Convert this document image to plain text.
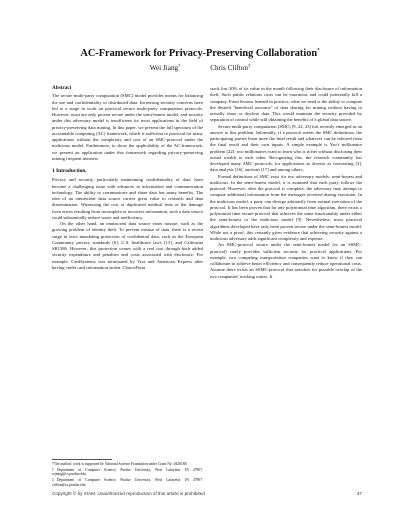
AC-Framework for Privacy-Preserving Collaboration*
Wei Jiang†	Chris Clifton‡
Abstract

The secure multi-party computation (SMC) model provides means for balancing the use and confidentiality of distributed data. Increasing security concerns have led to a surge in work on practical secure multi-party computation protocols. However, most are only proven secure under the semi-honest model, and security under this adversary model is insufficient for most applications in the field of privacy-preserving data mining. In this paper, we present the full spectrum of the accountable computing (AC) framework, which is sufficient or practical for many applications without the complexity and cost of an SMC-protocol under the malicious model. Furthermore, to show the applicability of the AC-framework, we present an application under this framework regarding privacy-preserving mining frequent itemsets.

1 Introduction.

Privacy and security, particularly maintaining confidentiality of data, have become a challenging issue with advances in information and communication technology. The ability to communicate and share data has many benefits. The idea of an omniscient data source carries great value to research and data dissemination. Witnessing the cost of duplicated medical tests or the damage from errors resulting from incomplete or incorrect information, such a data source could substantially reduce waste and inefficiency.

On the other hand, an omniscient data source eases misuse, such as the growing problem of identity theft. To prevent misuse of data, there is a recent surge in laws mandating protection of confidential data, such as the European Community privacy standards [6], U.S. healthcare laws [13], and California SB1386. However, this protection comes with a real cost through both added security expenditure and penalties and costs associated with disclosure. For example, CardSystems was terminated by Visa and American Express after having credit card information stolen. ChoicePoint

stock lost 20% of its value in the month following their disclosure of information theft. Such public relations costs can be enormous and could potentially kill a company. From lessons learned in practice, what we need is the ability to compute the desired "beneficial outcome" of data sharing for mining without having to actually share or disclose data. This would maintain the security provided by separation of control while still obtaining the benefits of a global data source.

Secure multi-party computation (SMC) [9, 22, 23] has recently emerged as an answer to this problem. Informally, if a protocol meets the SMC definitions, the participating parties learn more the final result and whatever can be inferred from the final result and their own inputs. A simple example is Yao's millionaire problem [22]: two millionaires want to learn who is richer without disclosing their actual wealth to each other. Recognizing this, the research community has developed many SMC protocols, for applications as diverse as forecasting [3], data analysis [16], auctions [17] and among others.

Formal definitions of SMC exist for two adversary models: semi-honest and malicious. In the semi-honest model, it is assumed that each party follows the protocol. However, after the protocol is complete, the adversary may attempt to compute additional information from the messages received during execution. In the malicious model, a party can diverge arbitrarily from normal execution of the protocol. It has been proven that for any polynomial time algorithm, there exists a polynomial time secure protocol that achieves the same functionality under either the semi-honest or the malicious model [9]. Nevertheless, most practical algorithms developed have only been proven secure under the semi-honest model. While not a proof, this certainly gives evidence that achieving security against a malicious adversary adds significant complexity and expense.

An SMC-protocol secure under the semi-honest model (or an SSMC-protocol) rarely provides sufficient security for practical applications. For example, two competing transportation companies want to know if they can collaborate to achieve better efficiency and consequently reduce operational costs. Assume there exists an SSMC-protocol that searches for possible overlap of the two companies' trucking routes. It

*The authors' work is supported by National Science Foundation under Grant No. 0428168.

†Department of Computer Science, Purdue University, West Lafayette, IN 47907. wjiang@cs.purdue.edu

‡Department of Computer Science, Purdue University, West Lafayette, IN 47907. clifton@cs.purdue.edu

Copyright © by SIAM. Unauthorized reproduction of this article is prohibited	47
